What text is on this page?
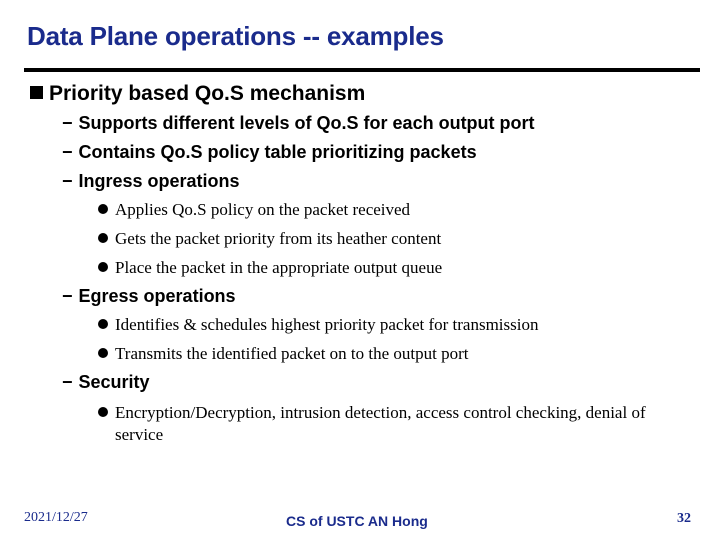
Data Plane operations -- examples
Priority based Qo.S mechanism
− Supports different levels of Qo.S for each output port
− Contains Qo.S policy table prioritizing packets
− Ingress operations
Applies Qo.S policy on the packet received
Gets the packet priority from its heather content
Place the packet in the appropriate output queue
− Egress operations
Identifies & schedules highest priority packet for transmission
Transmits the identified packet on to the output port
− Security
Encryption/Decryption, intrusion detection, access control checking, denial of service
2021/12/27	CS of USTC AN Hong	32
